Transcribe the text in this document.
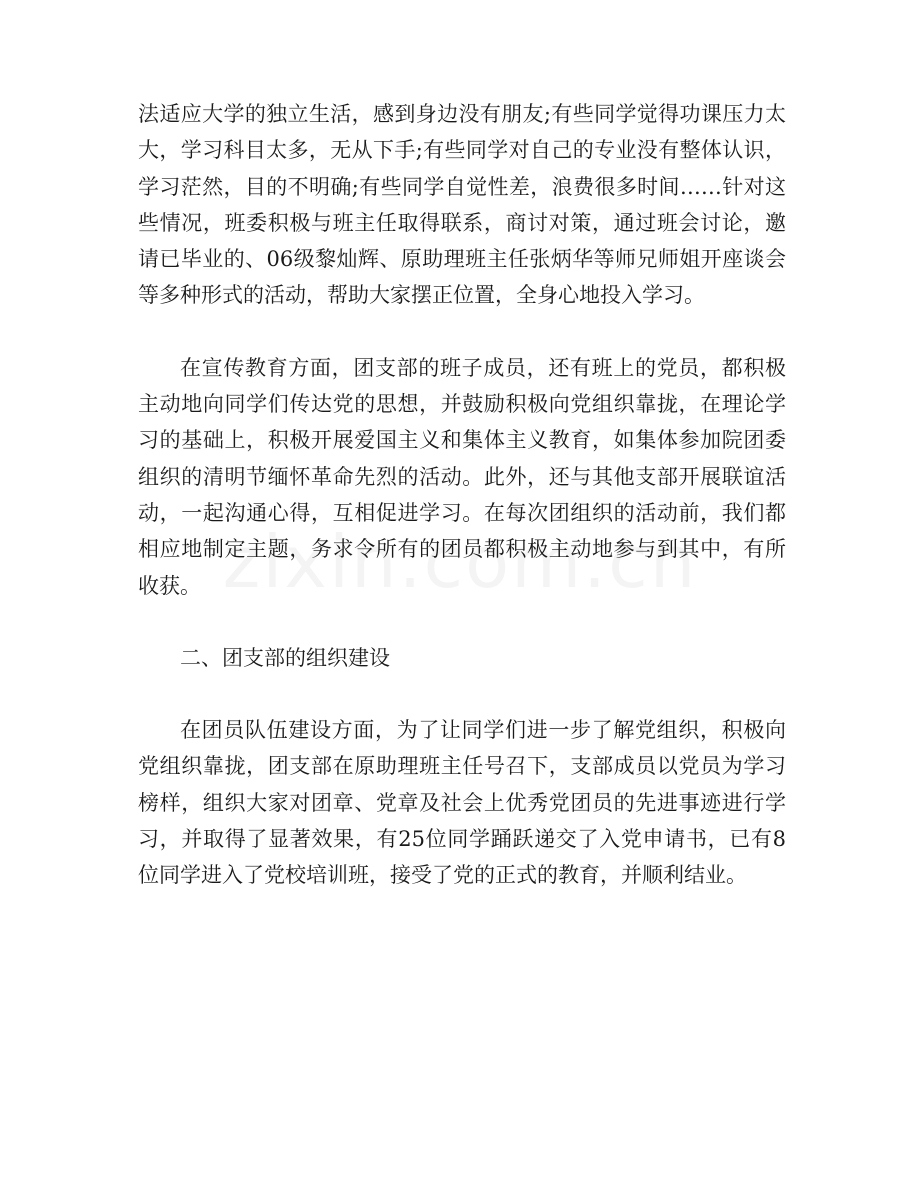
法适应大学的独立生活，感到身边没有朋友;有些同学觉得功课压力太大，学习科目太多，无从下手;有些同学对自己的专业没有整体认识，学习茫然，目的不明确;有些同学自觉性差，浪费很多时间……针对这些情况，班委积极与班主任取得联系，商讨对策，通过班会讨论，邀请已毕业的、06级黎灿辉、原助理班主任张炳华等师兄师姐开座谈会等多种形式的活动，帮助大家摆正位置，全身心地投入学习。

在宣传教育方面，团支部的班子成员，还有班上的党员，都积极主动地向同学们传达党的思想，并鼓励积极向党组织靠拢，在理论学习的基础上，积极开展爱国主义和集体主义教育，如集体参加院团委组织的清明节缅怀革命先烈的活动。此外，还与其他支部开展联谊活动，一起沟通心得，互相促进学习。在每次团组织的活动前，我们都相应地制定主题，务求令所有的团员都积极主动地参与到其中，有所收获。

二、团支部的组织建设

在团员队伍建设方面，为了让同学们进一步了解党组织，积极向党组织靠拢，团支部在原助理班主任号召下，支部成员以党员为学习榜样，组织大家对团章、党章及社会上优秀党团员的先进事迹进行学习，并取得了显著效果，有25位同学踊跃递交了入党申请书，已有8位同学进入了党校培训班，接受了党的正式的教育，并顺利结业。
